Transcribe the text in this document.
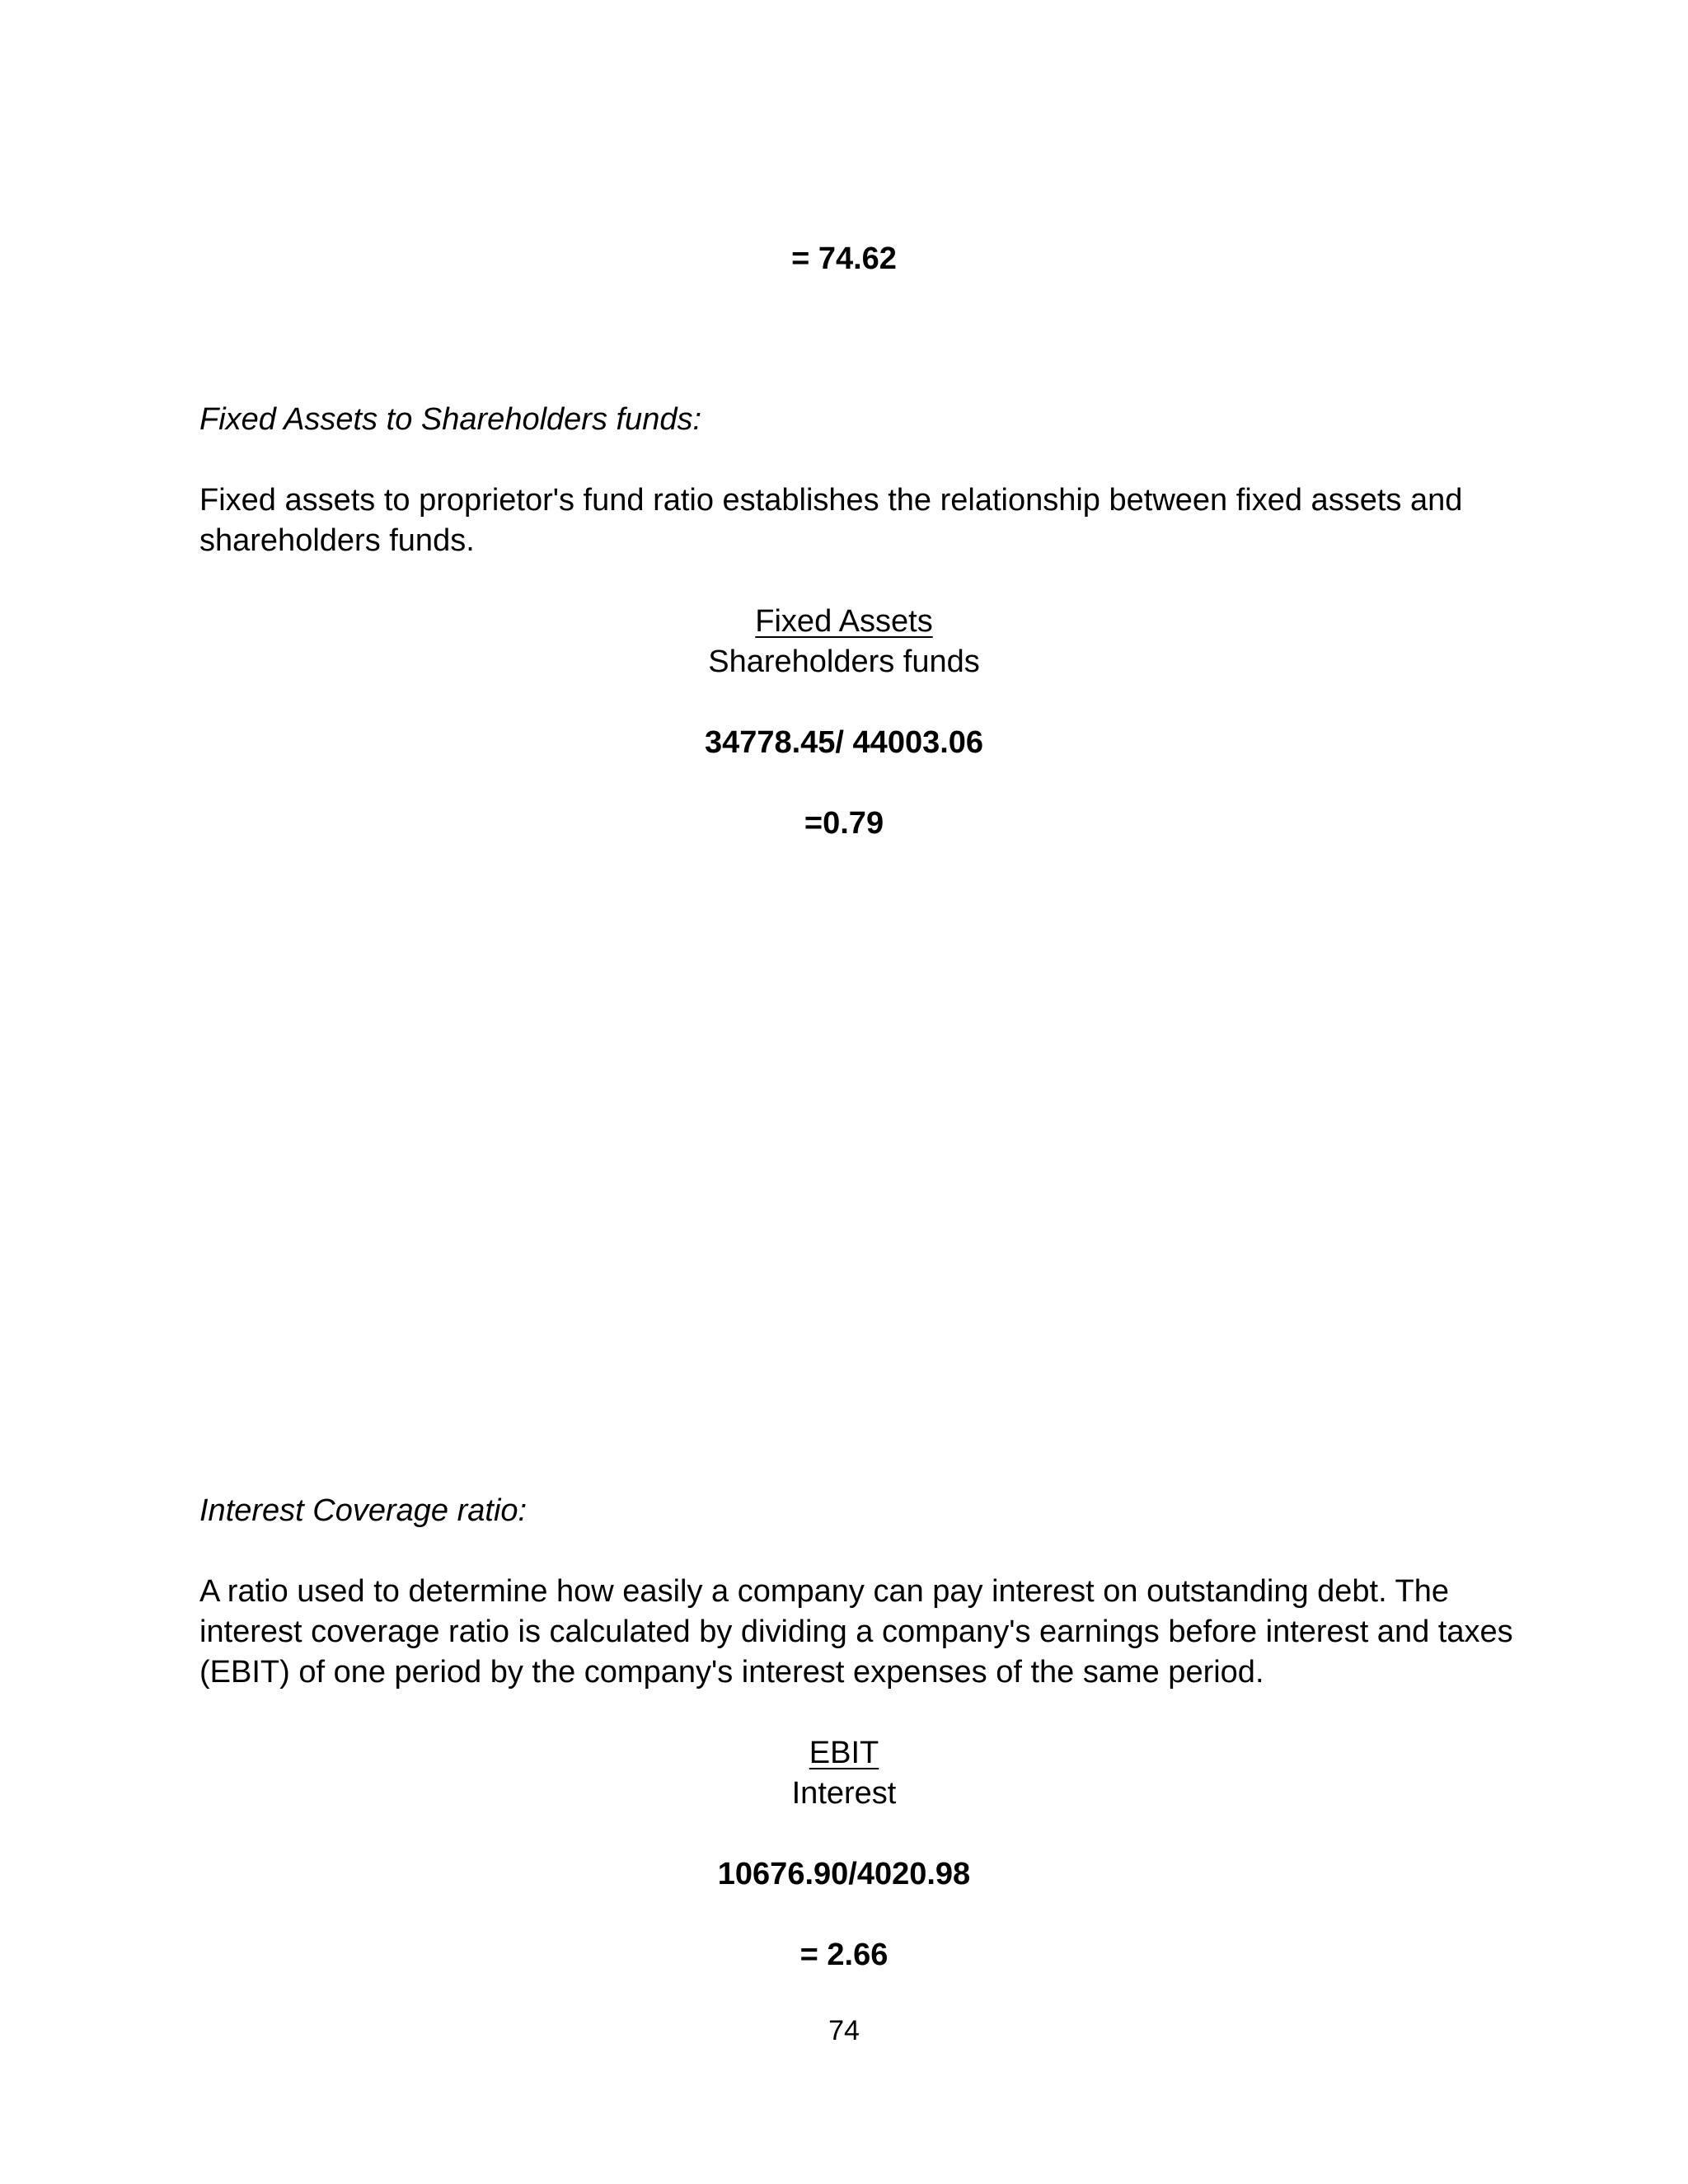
= 74.62
Fixed Assets to Shareholders funds:
Fixed assets to proprietor's fund ratio establishes the relationship between fixed assets and
shareholders funds.
Fixed Assets
Shareholders funds
34778.45/ 44003.06
=0.79
Interest Coverage ratio:
A ratio used to determine how easily a company can pay interest on outstanding debt. The
interest coverage ratio is calculated by dividing a company's earnings before interest and taxes
(EBIT) of one period by the company's interest expenses of the same period.
EBIT
Interest
10676.90/4020.98
= 2.66
74
